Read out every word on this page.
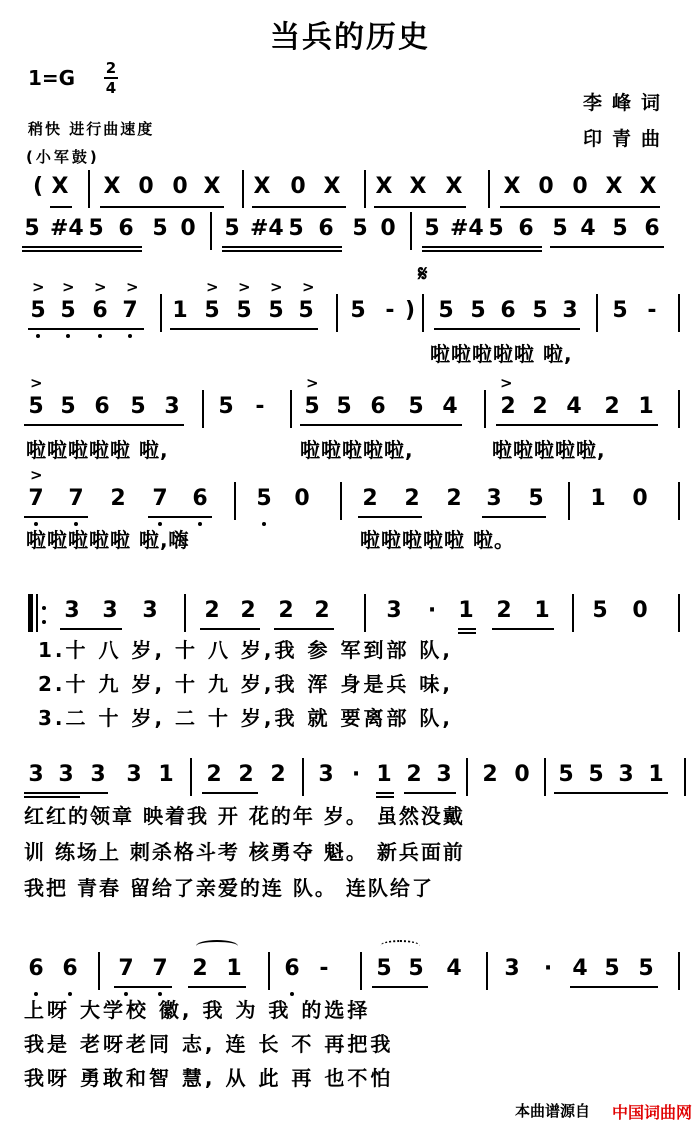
当兵的历史
1=G 2
4
李峰词
印青曲
稍快 进行曲速度
(小军鼓)
( X X 0 0 X X 0 X X X X X 0 0 X X
5 #4 5 6 5 0 5 #4 5 6 5 0 5 #4 5 6 5 4 5 6
> > > >
5 5 6 7
> > > >
1 5 5 5 5 5 - )
𝄋
5 5 6 5 3 5 -
啦啦啦啦啦 啦,
>
5 5 6 5 3 5 -
>
5 5 6 5 4
>
2 2 4 2 1
啦啦啦啦啦 啦,	啦啦啦啦啦,	啦啦啦啦啦,
>
7 7 2 7 6 5 0 2 2 2 3 5 1 0
啦啦啦啦啦 啦,嗨	啦啦啦啦啦 啦。
3 3 3 2 2 2 2	3	·	1 2 1 5 0
1.十 八 岁, 十 八 岁,我 参 军到部 队,
2.十 九 岁, 十 九 岁,我 浑 身是兵 味,
3.二 十 岁, 二 十 岁,我 就 要离部 队,
3 3 3 3 1 2 2 2 3 · 1 2 3 2 0 5 5 3 1
红红的领章 映着我 开 花的年 岁。 虽然没戴
训 练场上 刺杀格斗考 核勇夺 魁。 新兵面前
我把 青春 留给了亲爱的连 队。 连队给了
6 6 7 7 2 1 6 -	5 5 4 3	· 4 5 5
上呀 大学校 徽, 我 为 我 的选择
我是 老呀老同 志, 连 长 不 再把我
我呀 勇敢和智 慧, 从 此 再 也不怕
本曲谱源自 中国词曲网
